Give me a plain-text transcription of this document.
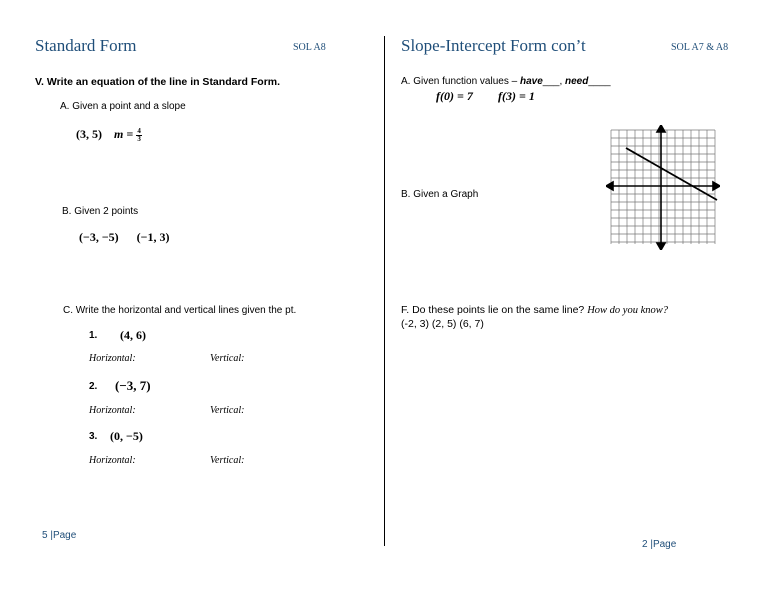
Standard Form	SOL A8
V. Write an equation of the line in Standard Form.
A. Given a point and a slope
(3, 5) $m = \frac{4}{3}$
B. Given 2 points
(−3, −5) (−1, 3)
C. Write the horizontal and vertical lines given the pt.
1. (4, 6)
Horizontal:	Vertical:
2. (−3, 7)
Horizontal:	Vertical:
3. (0, −5)
Horizontal:	Vertical:
5 |Page
Slope-Intercept Form con’t	SOL A7 & A8
A. Given function values – have___, need____
f(0) = 7 f(3) = 1
B. Given a Graph
F. Do these points lie on the same line? How do you know?
(-2, 3) (2, 5) (6, 7)
2 |Page
